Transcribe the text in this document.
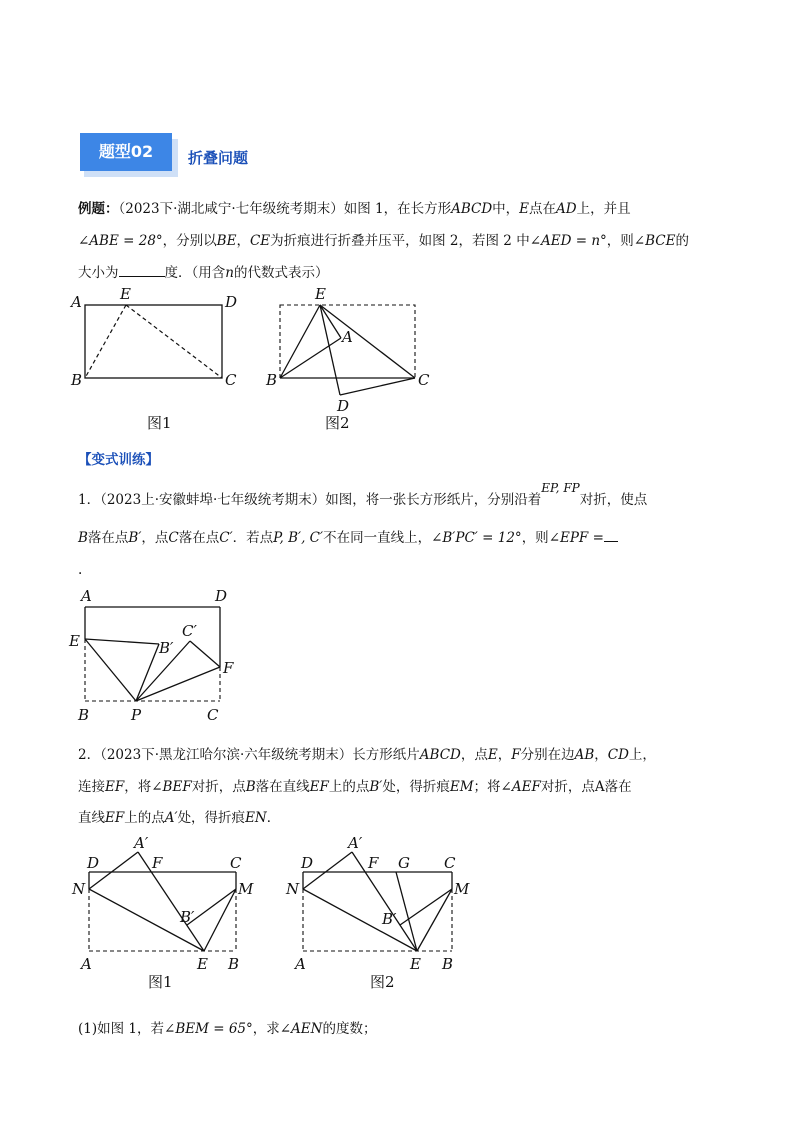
题型02	折叠问题
例题：（2023下·湖北咸宁·七年级统考期末）如图 1，在长方形ABCD中，E点在AD上，并且
∠ABE = 28°，分别以BE，CE为折痕进行折叠并压平，如图 2，若图 2 中∠AED = n°，则∠BCE的
大小为	度．（用含n的代数式表示）
A	E	D
B	C
图1
E
A
B	C
D
图2
【变式训练】
1．（2023上·安徽蚌埠·七年级统考期末）如图，将一张长方形纸片，分别沿着EP, FP对折，使点
B落在点B′，点C落在点C′．若点P, B′, C′不在同一直线上，∠B′PC′ = 12°，则∠EPF =
.
A	D
E
C′
B′
F
B	P	C
2．（2023下·黑龙江哈尔滨·六年级统考期末）长方形纸片ABCD，点E，F分别在边AB，CD上，
连接EF，将∠BEF对折，点B落在直线EF上的点B′处，得折痕EM；将∠AEF对折，点A落在
直线EF上的点A′处，得折痕EN．
A′
D	F	C
N	M
B′
A	E B
图1
A′
D	F G C
N	M
B′
A	E B
图2
(1)如图 1，若∠BEM = 65°，求∠AEN的度数；
